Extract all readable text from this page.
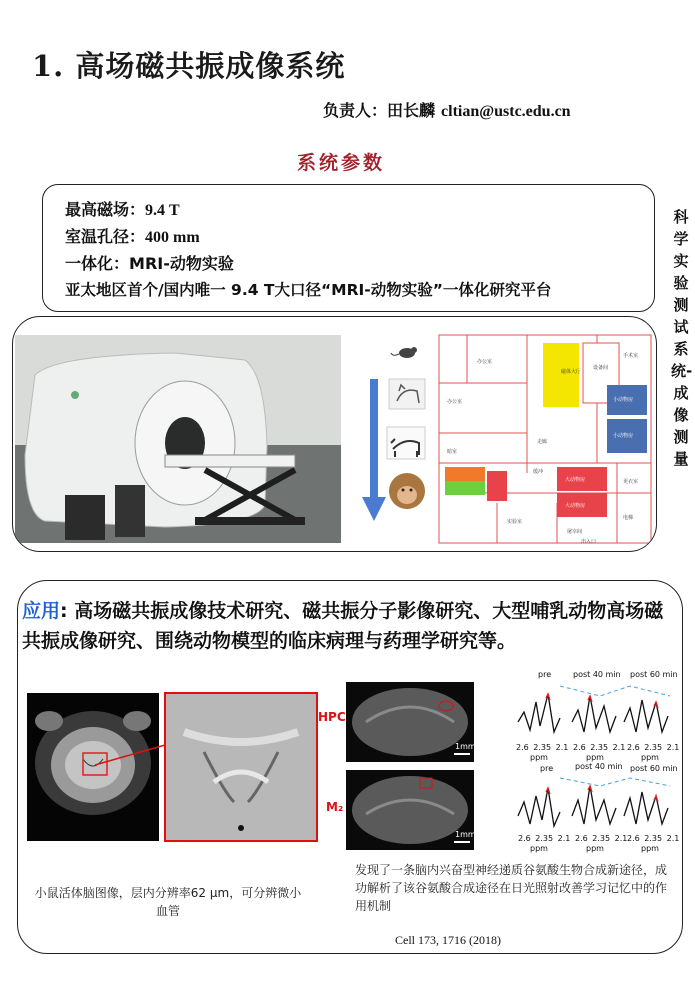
1. 高场磁共振成像系统
负责人：田长麟 cltian@ustc.edu.cn
系统参数
科学实验测试系统-成像测量
最高磁场：9.4 T
室温孔径：400 mm
一体化：MRI-动物实验
亚太地区首个/国内唯一 9.4 T大口径“MRI-动物实验”一体化研究平台
磁体大厅
设备间
小动物房
小动物房
走廊
办公室
大动物房
大动物房
缓冲
手术室
实验室
更衣室
办公室
暗室
屠宰间
电梯
出入口
应用: 高场磁共振成像技术研究、磁共振分子影像研究、大型哺乳动物高场磁共振成像研究、围绕动物模型的临床病理与药理学研究等。
HPC
M₂
1mm
1mm
pre	post 40 min post 60 min
2.6 2.35 2.1 2.6 2.35 2.1 2.6 2.35 2.1
ppm	ppm	ppm
pre	post 40 min post 60 min
2.6 2.35 2.1 2.6 2.35 2.1 2.6 2.35 2.1
ppm	ppm	ppm
小鼠活体脑图像，层内分辨率62 μm，可分辨微小血管
发现了一条脑内兴奋型神经递质谷氨酸生物合成新途径，成功解析了该谷氨酸合成途径在日光照射改善学习记忆中的作用机制
Cell 173, 1716 (2018)
